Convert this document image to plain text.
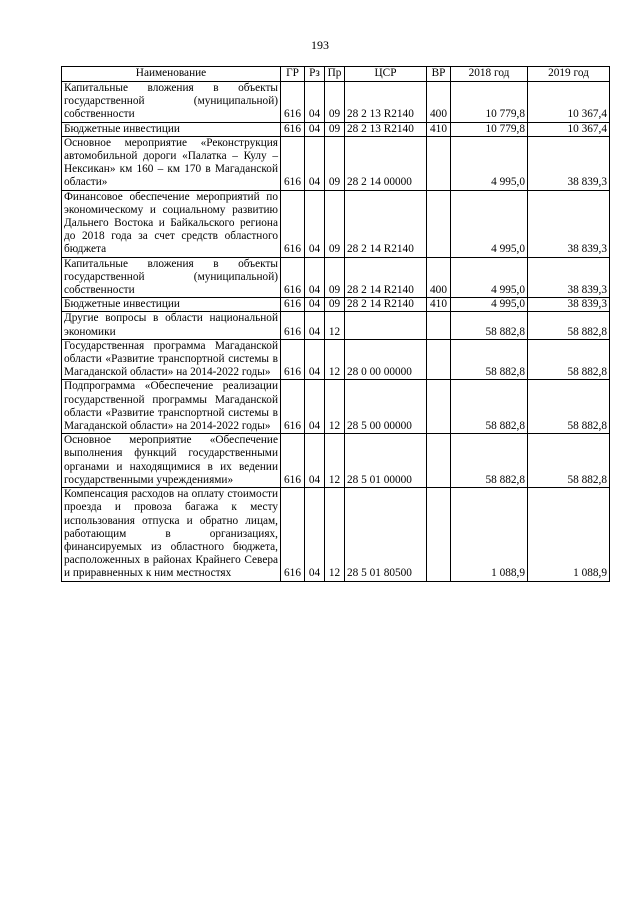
193
Наименование	ГР	Рз	Пр	ЦСР	ВР	2018 год	2019 год
Капитальные вложения в объекты государственной (муниципальной) собственности	616	04	09	28 2 13 R2140	400	10 779,8	10 367,4
Бюджетные инвестиции	616	04	09	28 2 13 R2140	410	10 779,8	10 367,4
Основное мероприятие «Реконструкция автомобильной дороги «Палатка – Кулу – Нексикан» км 160 – км 170 в Магаданской области»	616	04	09	28 2 14 00000		4 995,0	38 839,3
Финансовое обеспечение мероприятий по экономическому и социальному развитию Дальнего Востока и Байкальского региона до 2018 года за счет средств областного бюджета	616	04	09	28 2 14 R2140		4 995,0	38 839,3
Капитальные вложения в объекты государственной (муниципальной) собственности	616	04	09	28 2 14 R2140	400	4 995,0	38 839,3
Бюджетные инвестиции	616	04	09	28 2 14 R2140	410	4 995,0	38 839,3
Другие вопросы в области национальной экономики	616	04	12			58 882,8	58 882,8
Государственная программа Магаданской области «Развитие транспортной системы в Магаданской области» на 2014-2022 годы»	616	04	12	28 0 00 00000		58 882,8	58 882,8
Подпрограмма «Обеспечение реализации государственной программы Магаданской области «Развитие транспортной системы в Магаданской области» на 2014-2022 годы»	616	04	12	28 5 00 00000		58 882,8	58 882,8
Основное мероприятие «Обеспечение выполнения функций государственными органами и находящимися в их ведении государственными учреждениями»	616	04	12	28 5 01 00000		58 882,8	58 882,8
Компенсация расходов на оплату стоимости проезда и провоза багажа к месту использования отпуска и обратно лицам, работающим в организациях, финансируемых из областного бюджета, расположенных в районах Крайнего Севера и приравненных к ним местностях	616	04	12	28 5 01 80500		1 088,9	1 088,9
